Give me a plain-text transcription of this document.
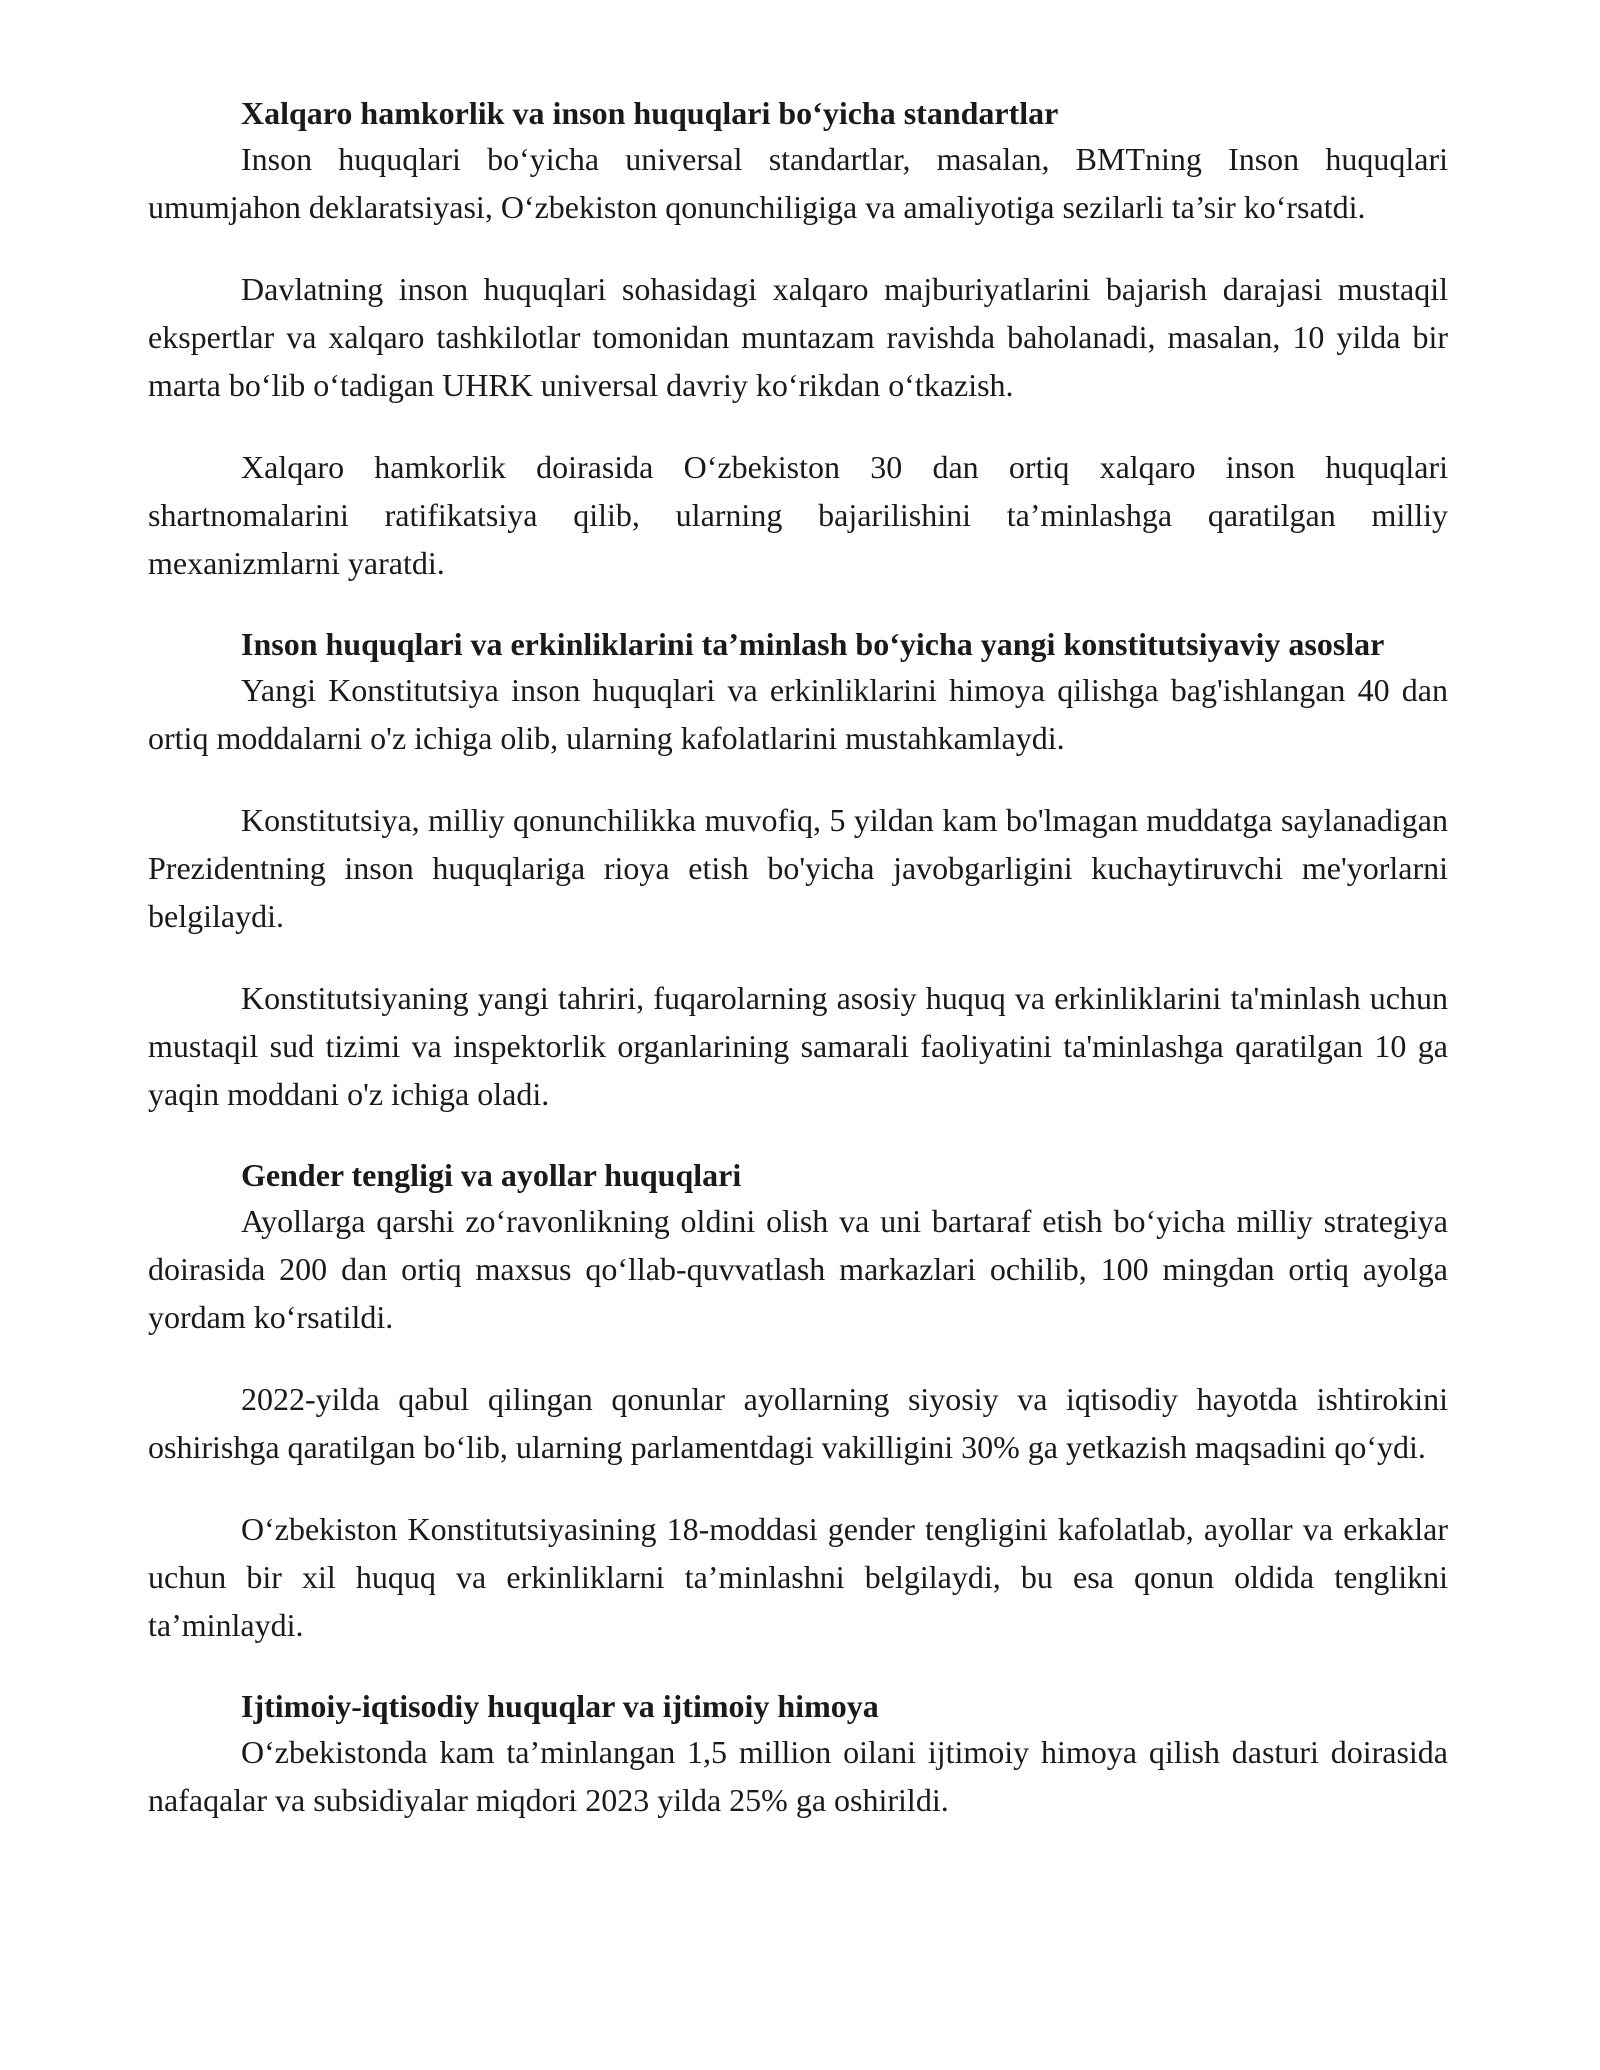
Xalqaro hamkorlik va inson huquqlari bo‘yicha standartlar

Inson huquqlari bo‘yicha universal standartlar, masalan, BMTning Inson huquqlari umumjahon deklaratsiyasi, O‘zbekiston qonunchiligiga va amaliyotiga sezilarli ta’sir ko‘rsatdi.

Davlatning inson huquqlari sohasidagi xalqaro majburiyatlarini bajarish darajasi mustaqil ekspertlar va xalqaro tashkilotlar tomonidan muntazam ravishda baholanadi, masalan, 10 yilda bir marta bo‘lib o‘tadigan UHRK universal davriy ko‘rikdan o‘tkazish.

Xalqaro hamkorlik doirasida O‘zbekiston 30 dan ortiq xalqaro inson huquqlari shartnomalarini ratifikatsiya qilib, ularning bajarilishini ta’minlashga qaratilgan milliy mexanizmlarni yaratdi.

Inson huquqlari va erkinliklarini ta’minlash bo‘yicha yangi konstitutsiyaviy asoslar

Yangi Konstitutsiya inson huquqlari va erkinliklarini himoya qilishga bag'ishlangan 40 dan ortiq moddalarni o'z ichiga olib, ularning kafolatlarini mustahkamlaydi.

Konstitutsiya, milliy qonunchilikka muvofiq, 5 yildan kam bo'lmagan muddatga saylanadigan Prezidentning inson huquqlariga rioya etish bo'yicha javobgarligini kuchaytiruvchi me'yorlarni belgilaydi.

Konstitutsiyaning yangi tahriri, fuqarolarning asosiy huquq va erkinliklarini ta'minlash uchun mustaqil sud tizimi va inspektorlik organlarining samarali faoliyatini ta'minlashga qaratilgan 10 ga yaqin moddani o'z ichiga oladi.

Gender tengligi va ayollar huquqlari

Ayollarga qarshi zo‘ravonlikning oldini olish va uni bartaraf etish bo‘yicha milliy strategiya doirasida 200 dan ortiq maxsus qo‘llab-quvvatlash markazlari ochilib, 100 mingdan ortiq ayolga yordam ko‘rsatildi.

2022-yilda qabul qilingan qonunlar ayollarning siyosiy va iqtisodiy hayotda ishtirokini oshirishga qaratilgan bo‘lib, ularning parlamentdagi vakilligini 30% ga yetkazish maqsadini qo‘ydi.

O‘zbekiston Konstitutsiyasining 18-moddasi gender tengligini kafolatlab, ayollar va erkaklar uchun bir xil huquq va erkinliklarni ta’minlashni belgilaydi, bu esa qonun oldida tenglikni ta’minlaydi.

Ijtimoiy-iqtisodiy huquqlar va ijtimoiy himoya

O‘zbekistonda kam ta’minlangan 1,5 million oilani ijtimoiy himoya qilish dasturi doirasida nafaqalar va subsidiyalar miqdori 2023 yilda 25% ga oshirildi.
